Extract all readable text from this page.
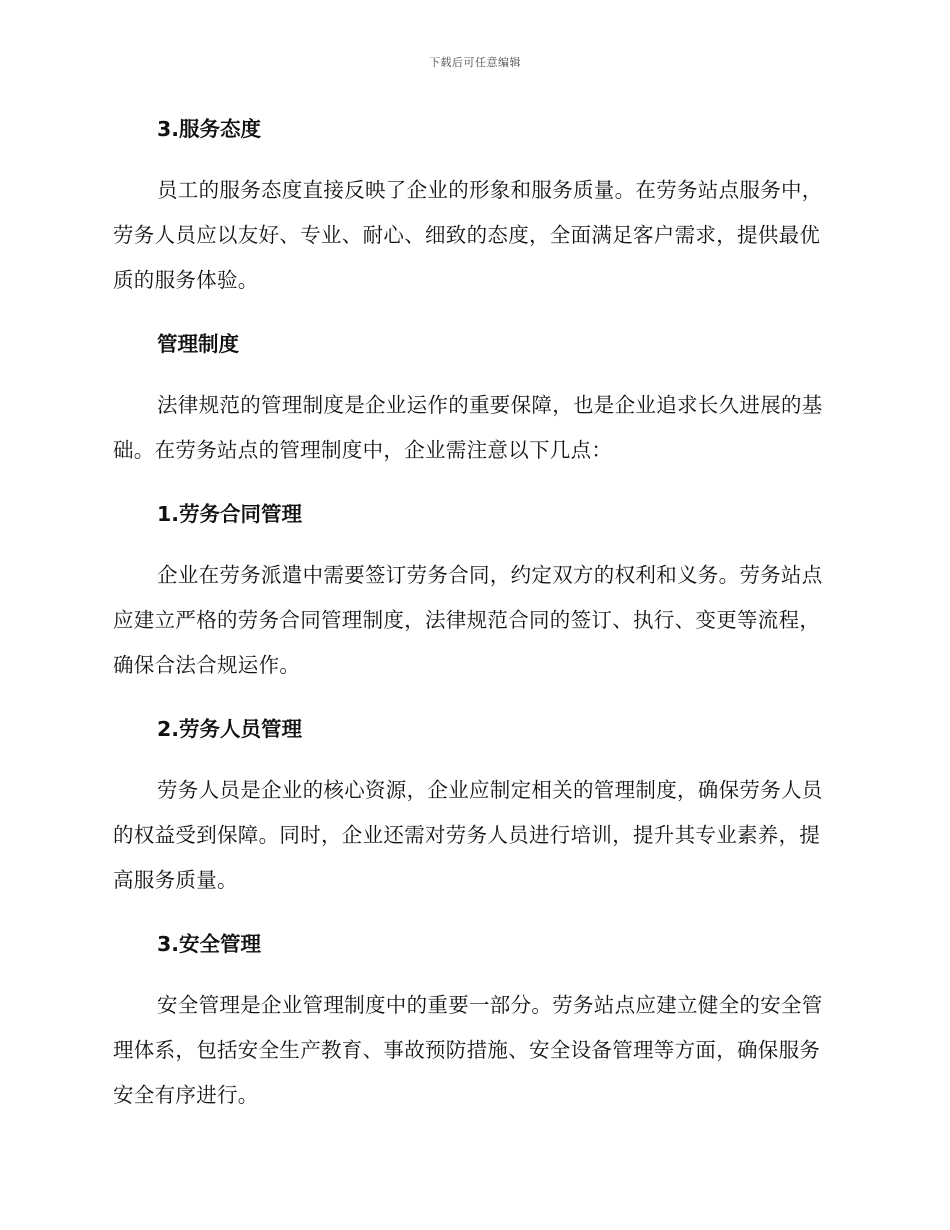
下载后可任意编辑
3.服务态度

员工的服务态度直接反映了企业的形象和服务质量。在劳务站点服务中，劳务人员应以友好、专业、耐心、细致的态度，全面满足客户需求，提供最优质的服务体验。

管理制度

法律规范的管理制度是企业运作的重要保障，也是企业追求长久进展的基础。在劳务站点的管理制度中，企业需注意以下几点：

1.劳务合同管理

企业在劳务派遣中需要签订劳务合同，约定双方的权利和义务。劳务站点应建立严格的劳务合同管理制度，法律规范合同的签订、执行、变更等流程，确保合法合规运作。

2.劳务人员管理

劳务人员是企业的核心资源，企业应制定相关的管理制度，确保劳务人员的权益受到保障。同时，企业还需对劳务人员进行培训，提升其专业素养，提高服务质量。

3.安全管理

安全管理是企业管理制度中的重要一部分。劳务站点应建立健全的安全管理体系，包括安全生产教育、事故预防措施、安全设备管理等方面，确保服务安全有序进行。
